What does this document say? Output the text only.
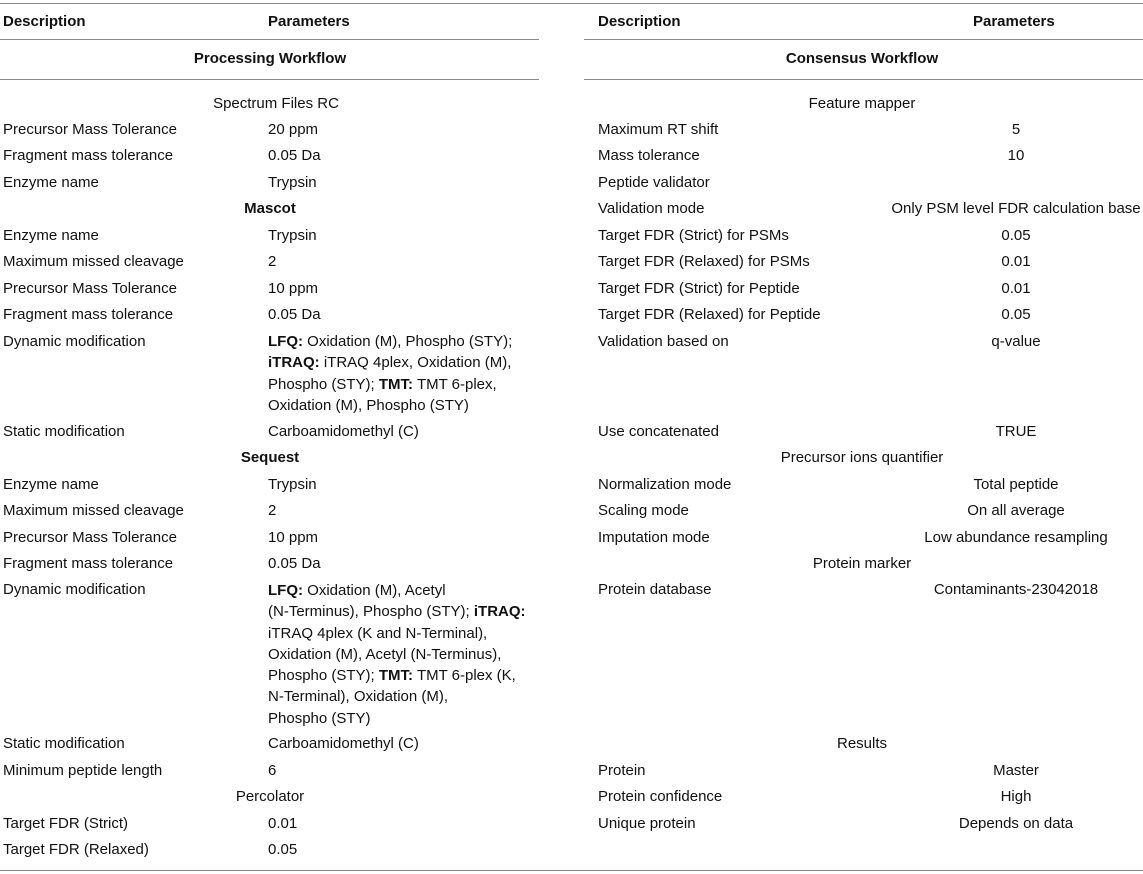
Description	Parameters	Description	Parameters
Processing Workflow	Consensus Workflow
Spectrum Files RC
Precursor Mass Tolerance	20 ppm
Fragment mass tolerance	0.05 Da
Enzyme name	Trypsin
Mascot
Enzyme name	Trypsin
Maximum missed cleavage	2
Precursor Mass Tolerance	10 ppm
Fragment mass tolerance	0.05 Da
Dynamic modification	LFQ: Oxidation (M), Phospho (STY);
iTRAQ: iTRAQ 4plex, Oxidation (M),
Phospho (STY); TMT: TMT 6-plex,
Oxidation (M), Phospho (STY)
Static modification	Carboamidomethyl (C)
Sequest
Enzyme name	Trypsin
Maximum missed cleavage	2
Precursor Mass Tolerance	10 ppm
Fragment mass tolerance	0.05 Da
Dynamic modification	LFQ: Oxidation (M), Acetyl
(N-Terminus), Phospho (STY); iTRAQ:
iTRAQ 4plex (K and N-Terminal),
Oxidation (M), Acetyl (N-Terminus),
Phospho (STY); TMT: TMT 6-plex (K,
N-Terminal), Oxidation (M),
Phospho (STY)
Static modification	Carboamidomethyl (C)
Minimum peptide length	6
Percolator
Target FDR (Strict)	0.01
Target FDR (Relaxed)	0.05
Feature mapper
Maximum RT shift	5
Mass tolerance	10
Peptide validator
Validation mode	Only PSM level FDR calculation base
Target FDR (Strict) for PSMs	0.05
Target FDR (Relaxed) for PSMs	0.01
Target FDR (Strict) for Peptide	0.01
Target FDR (Relaxed) for Peptide	0.05
Validation based on	q-value
Use concatenated	TRUE
Precursor ions quantifier
Normalization mode	Total peptide
Scaling mode	On all average
Imputation mode	Low abundance resampling
Protein marker
Protein database	Contaminants-23042018
Results
Protein	Master
Protein confidence	High
Unique protein	Depends on data
